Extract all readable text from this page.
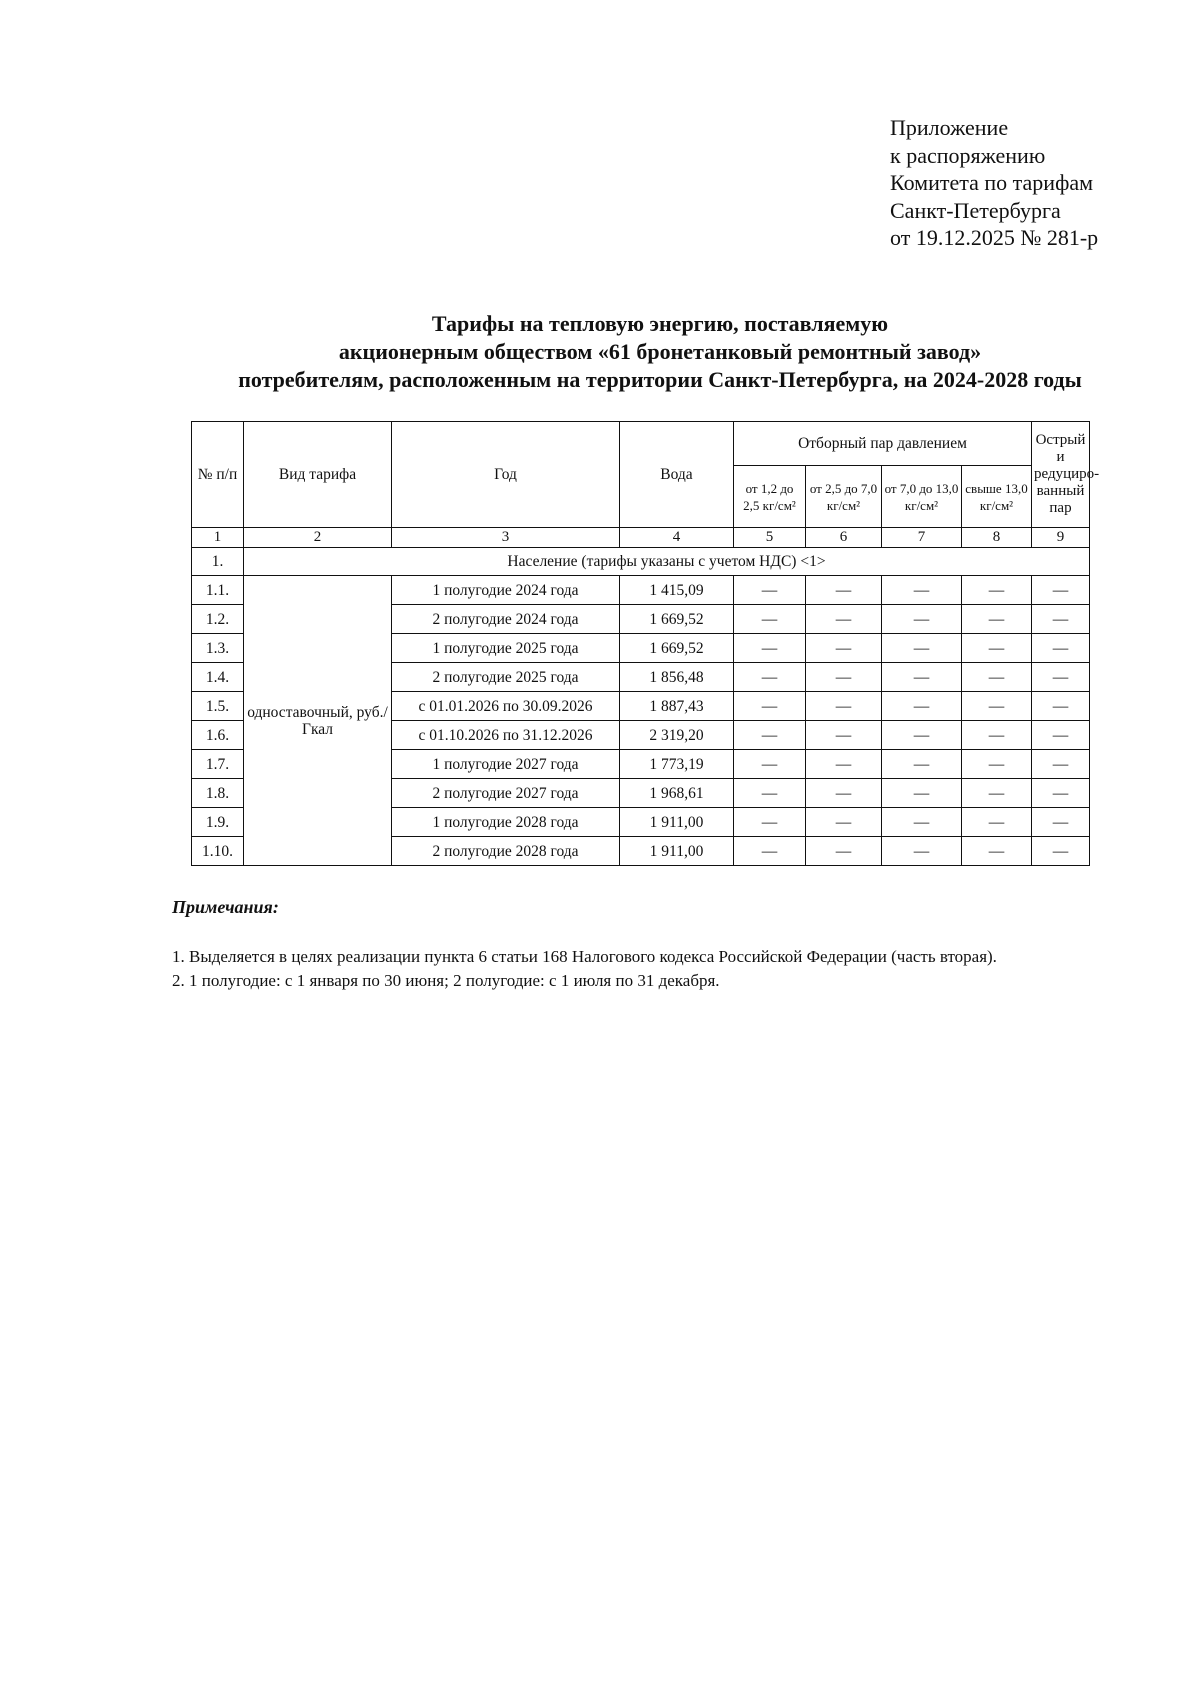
Приложение
к распоряжению
Комитета по тарифам
Санкт-Петербурга
от 19.12.2025 № 281-р
Тарифы на тепловую энергию, поставляемую
акционерным обществом «61 бронетанковый ремонтный завод»
потребителям, расположенным на территории Санкт-Петербурга, на 2024-2028 годы
№ п/п	Вид тарифа	Год	Вода	Отборный пар давлением				Острый и редуциро-ванный пар
				от 1,2 до 2,5 кг/см²	от 2,5 до 7,0 кг/см²	от 7,0 до 13,0 кг/см²	свыше 13,0 кг/см²	
1	2	3	4	5	6	7	8	9
1.	Население (тарифы указаны с учетом НДС) <1>							
1.1.	одноставочный, руб./Гкал	1 полугодие 2024 года	1 415,09	—	—	—	—	—
1.2.		2 полугодие 2024 года	1 669,52	—	—	—	—	—
1.3.		1 полугодие 2025 года	1 669,52	—	—	—	—	—
1.4.		2 полугодие 2025 года	1 856,48	—	—	—	—	—
1.5.		с 01.01.2026 по 30.09.2026	1 887,43	—	—	—	—	—
1.6.		с 01.10.2026 по 31.12.2026	2 319,20	—	—	—	—	—
1.7.		1 полугодие 2027 года	1 773,19	—	—	—	—	—
1.8.		2 полугодие 2027 года	1 968,61	—	—	—	—	—
1.9.		1 полугодие 2028 года	1 911,00	—	—	—	—	—
1.10.		2 полугодие 2028 года	1 911,00	—	—	—	—	—
Примечания:
1. Выделяется в целях реализации пункта 6 статьи 168 Налогового кодекса Российской Федерации (часть вторая).
2. 1 полугодие: с 1 января по 30 июня; 2 полугодие: с 1 июля по 31 декабря.
